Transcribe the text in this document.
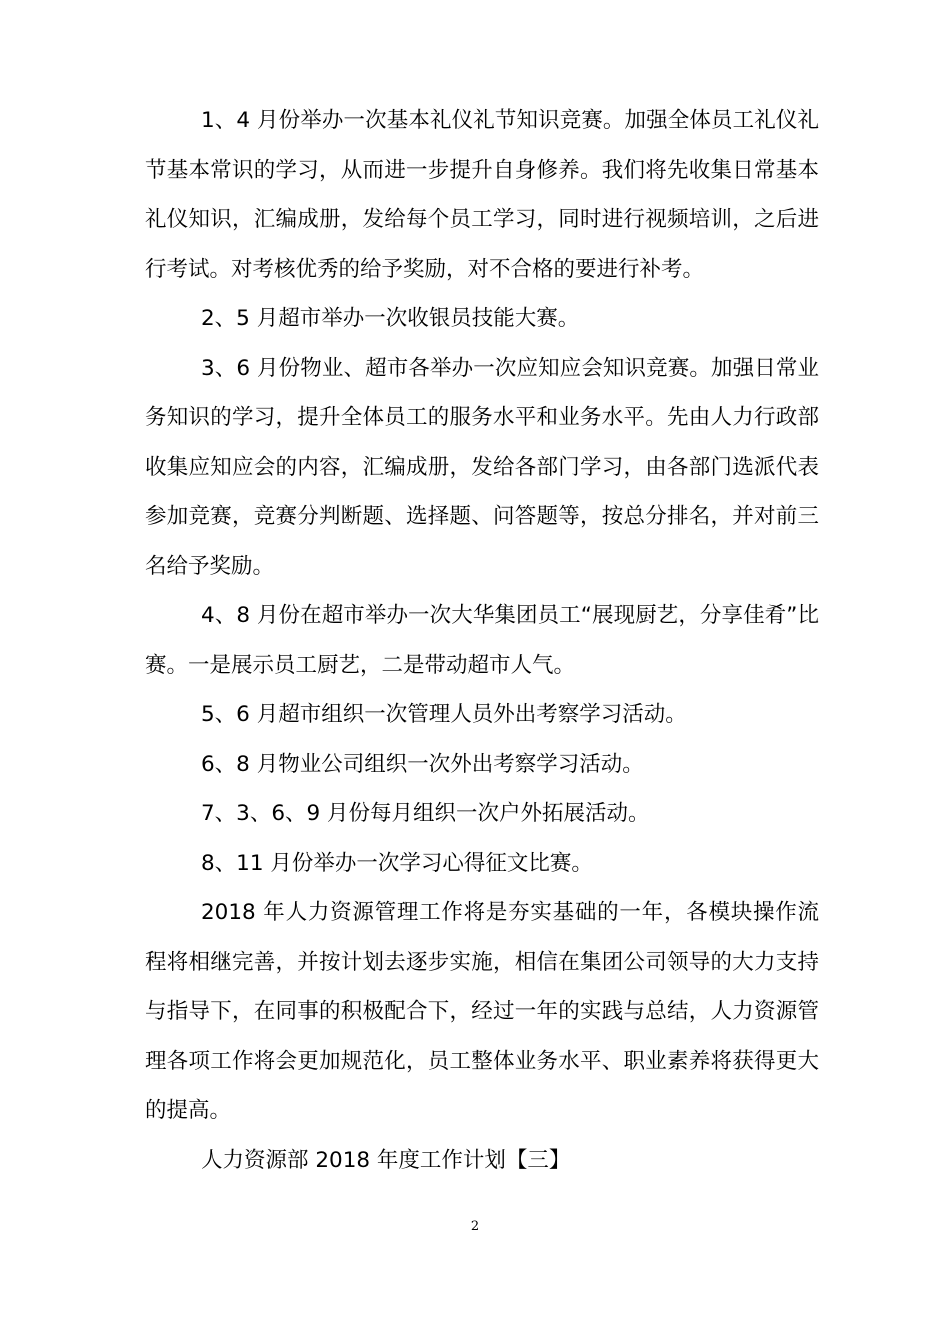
1、4 月份举办一次基本礼仪礼节知识竞赛。加强全体员工礼仪礼节基本常识的学习，从而进一步提升自身修养。我们将先收集日常基本礼仪知识，汇编成册，发给每个员工学习，同时进行视频培训，之后进行考试。对考核优秀的给予奖励，对不合格的要进行补考。

2、5 月超市举办一次收银员技能大赛。

3、6 月份物业、超市各举办一次应知应会知识竞赛。加强日常业务知识的学习，提升全体员工的服务水平和业务水平。先由人力行政部收集应知应会的内容，汇编成册，发给各部门学习，由各部门选派代表参加竞赛，竞赛分判断题、选择题、问答题等，按总分排名，并对前三名给予奖励。

4、8 月份在超市举办一次大华集团员工“展现厨艺，分享佳肴”比赛。一是展示员工厨艺，二是带动超市人气。

5、6 月超市组织一次管理人员外出考察学习活动。

6、8 月物业公司组织一次外出考察学习活动。

7、3、6、9 月份每月组织一次户外拓展活动。

8、11 月份举办一次学习心得征文比赛。

2018 年人力资源管理工作将是夯实基础的一年，各模块操作流程将相继完善，并按计划去逐步实施，相信在集团公司领导的大力支持与指导下，在同事的积极配合下，经过一年的实践与总结，人力资源管理各项工作将会更加规范化，员工整体业务水平、职业素养将获得更大的提高。

人力资源部 2018 年度工作计划【三】

2
